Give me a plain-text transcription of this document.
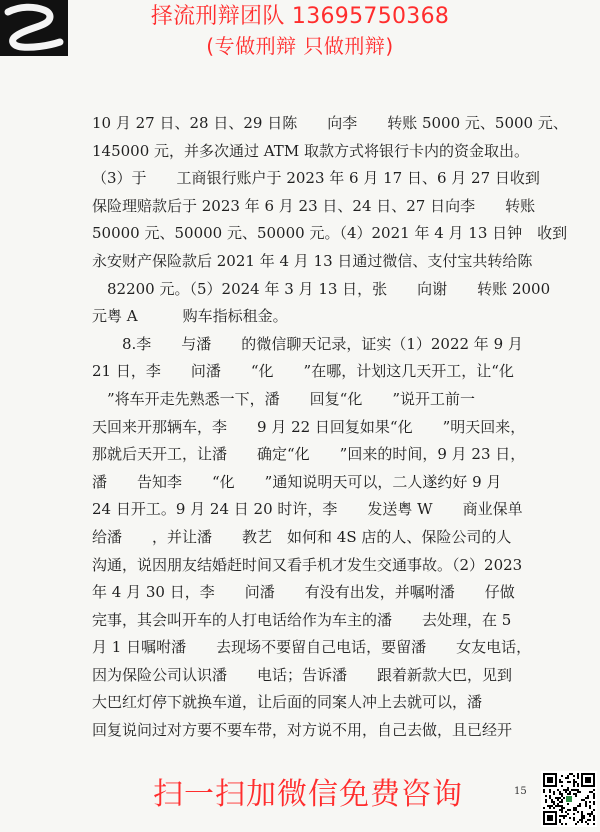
择流刑辩团队 13695750368
(专做刑辩 只做刑辩)

10 月 27 日、28 日、29 日陈　　向李　　转账 5000 元、5000 元、

145000 元，并多次通过 ATM 取款方式将银行卡内的资金取出。

（3）于　　工商银行账户于 2023 年 6 月 17 日、6 月 27 日收到

保险理赔款后于 2023 年 6 月 23 日、24 日、27 日向李　　转账

50000 元、50000 元、50000 元。（4）2021 年 4 月 13 日钟　收到

永安财产保险款后 2021 年 4 月 13 日通过微信、支付宝共转给陈

　82200 元。（5）2024 年 3 月 13 日，张　　向谢　　转账 2000

元粤 A　　　购车指标租金。

　　8.李　　与潘　　的微信聊天记录，证实（1）2022 年 9 月

21 日，李　　问潘　　“化　　”在哪，计划这几天开工，让“化

　”将车开走先熟悉一下，潘　　回复“化　　”说开工前一

天回来开那辆车，李　　9 月 22 日回复如果“化　　”明天回来，

那就后天开工，让潘　　确定“化　　”回来的时间，9 月 23 日，

潘　　告知李　　“化　　”通知说明天可以，二人遂约好 9 月

24 日开工。9 月 24 日 20 时许，李　　发送粤 W　　商业保单

给潘　　，并让潘　　教艺　如何和 4S 店的人、保险公司的人

沟通，说因朋友结婚赶时间又看手机才发生交通事故。（2）2023

年 4 月 30 日，李　　问潘　　有没有出发，并嘱咐潘　　仔做

完事，其会叫开车的人打电话给作为车主的潘　　去处理，在 5

月 1 日嘱咐潘　　去现场不要留自己电话，要留潘　　女友电话，

因为保险公司认识潘　　电话；告诉潘　　跟着新款大巴，见到

大巴红灯停下就换车道，让后面的同案人冲上去就可以，潘

回复说问过对方要不要车带，对方说不用，自己去做，且已经开

15
扫一扫加微信免费咨询
